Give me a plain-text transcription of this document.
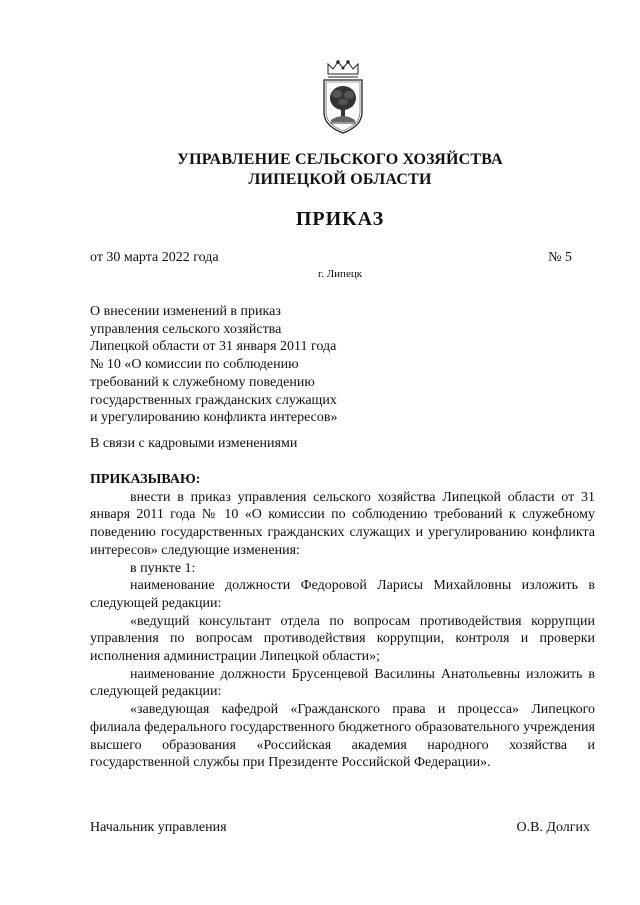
УПРАВЛЕНИЕ СЕЛЬСКОГО ХОЗЯЙСТВА
ЛИПЕЦКОЙ ОБЛАСТИ
ПРИКАЗ
от 30 марта 2022 года	№ 5
г. Липецк
О внесении изменений в приказ
управления сельского хозяйства
Липецкой области от 31 января 2011 года
№ 10 «О комиссии по соблюдению
требований к служебному поведению
государственных гражданских служащих
и урегулированию конфликта интересов»
В связи с кадровыми изменениями

ПРИКАЗЫВАЮ:

внести в приказ управления сельского хозяйства Липецкой области от 31 января 2011 года № 10 «О комиссии по соблюдению требований к служебному поведению государственных гражданских служащих и урегулированию конфликта интересов» следующие изменения:

в пункте 1:

наименование должности Федоровой Ларисы Михайловны изложить в следующей редакции:

«ведущий консультант отдела по вопросам противодействия коррупции управления по вопросам противодействия коррупции, контроля и проверки исполнения администрации Липецкой области»;

наименование должности Брусенцевой Василины Анатольевны изложить в следующей редакции:

«заведующая кафедрой «Гражданского права и процесса» Липецкого филиала федерального государственного бюджетного образовательного учреждения высшего образования «Российская академия народного хозяйства и государственной службы при Президенте Российской Федерации».

Начальник управления	О.В. Долгих
